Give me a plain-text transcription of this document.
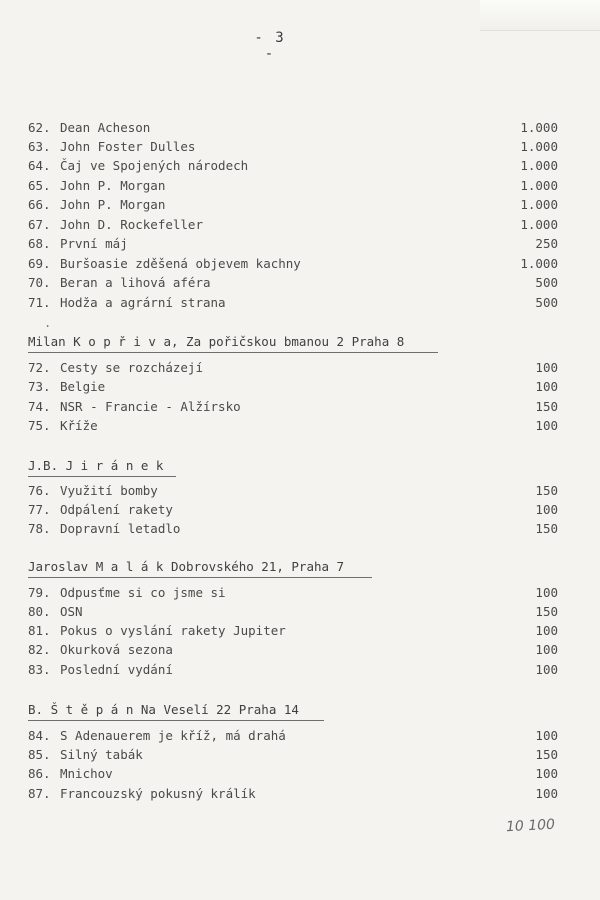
- 3 -
62. Dean Acheson	1.000
63. John Foster Dulles	1.000
64. Čaj ve Spojených národech	1.000
65. John P. Morgan	1.000
66. John P. Morgan	1.000
67. John D. Rockefeller	1.000
68. První máj	250
69. Buršoasie zděšená objevem kachny	1.000
70. Beran a lihová aféra	500
71. Hodža a agrární strana	500
.
Milan K o p ř i v a, Za pořičskou bmanou 2 Praha 8
72. Cesty se rozcházejí	100
73. Belgie	100
74. NSR - Francie - Alžírsko	150
75. Kříže	100
J.B. J i r á n e k
76. Využití bomby	150
77. Odpálení rakety	100
78. Dopravní letadlo	150
Jaroslav M a l á k Dobrovského 21, Praha 7
79. Odpusťme si co jsme si	100
80. OSN	150
81. Pokus o vyslání rakety Jupiter	100
82. Okurková sezona	100
83. Poslední vydání	100
B. Š t ě p á n Na Veselí 22 Praha 14
84. S Adenauerem je kříž, má drahá	100
85. Silný tabák	150
86. Mnichov	100
87. Francouzský pokusný králík	100
10 100
